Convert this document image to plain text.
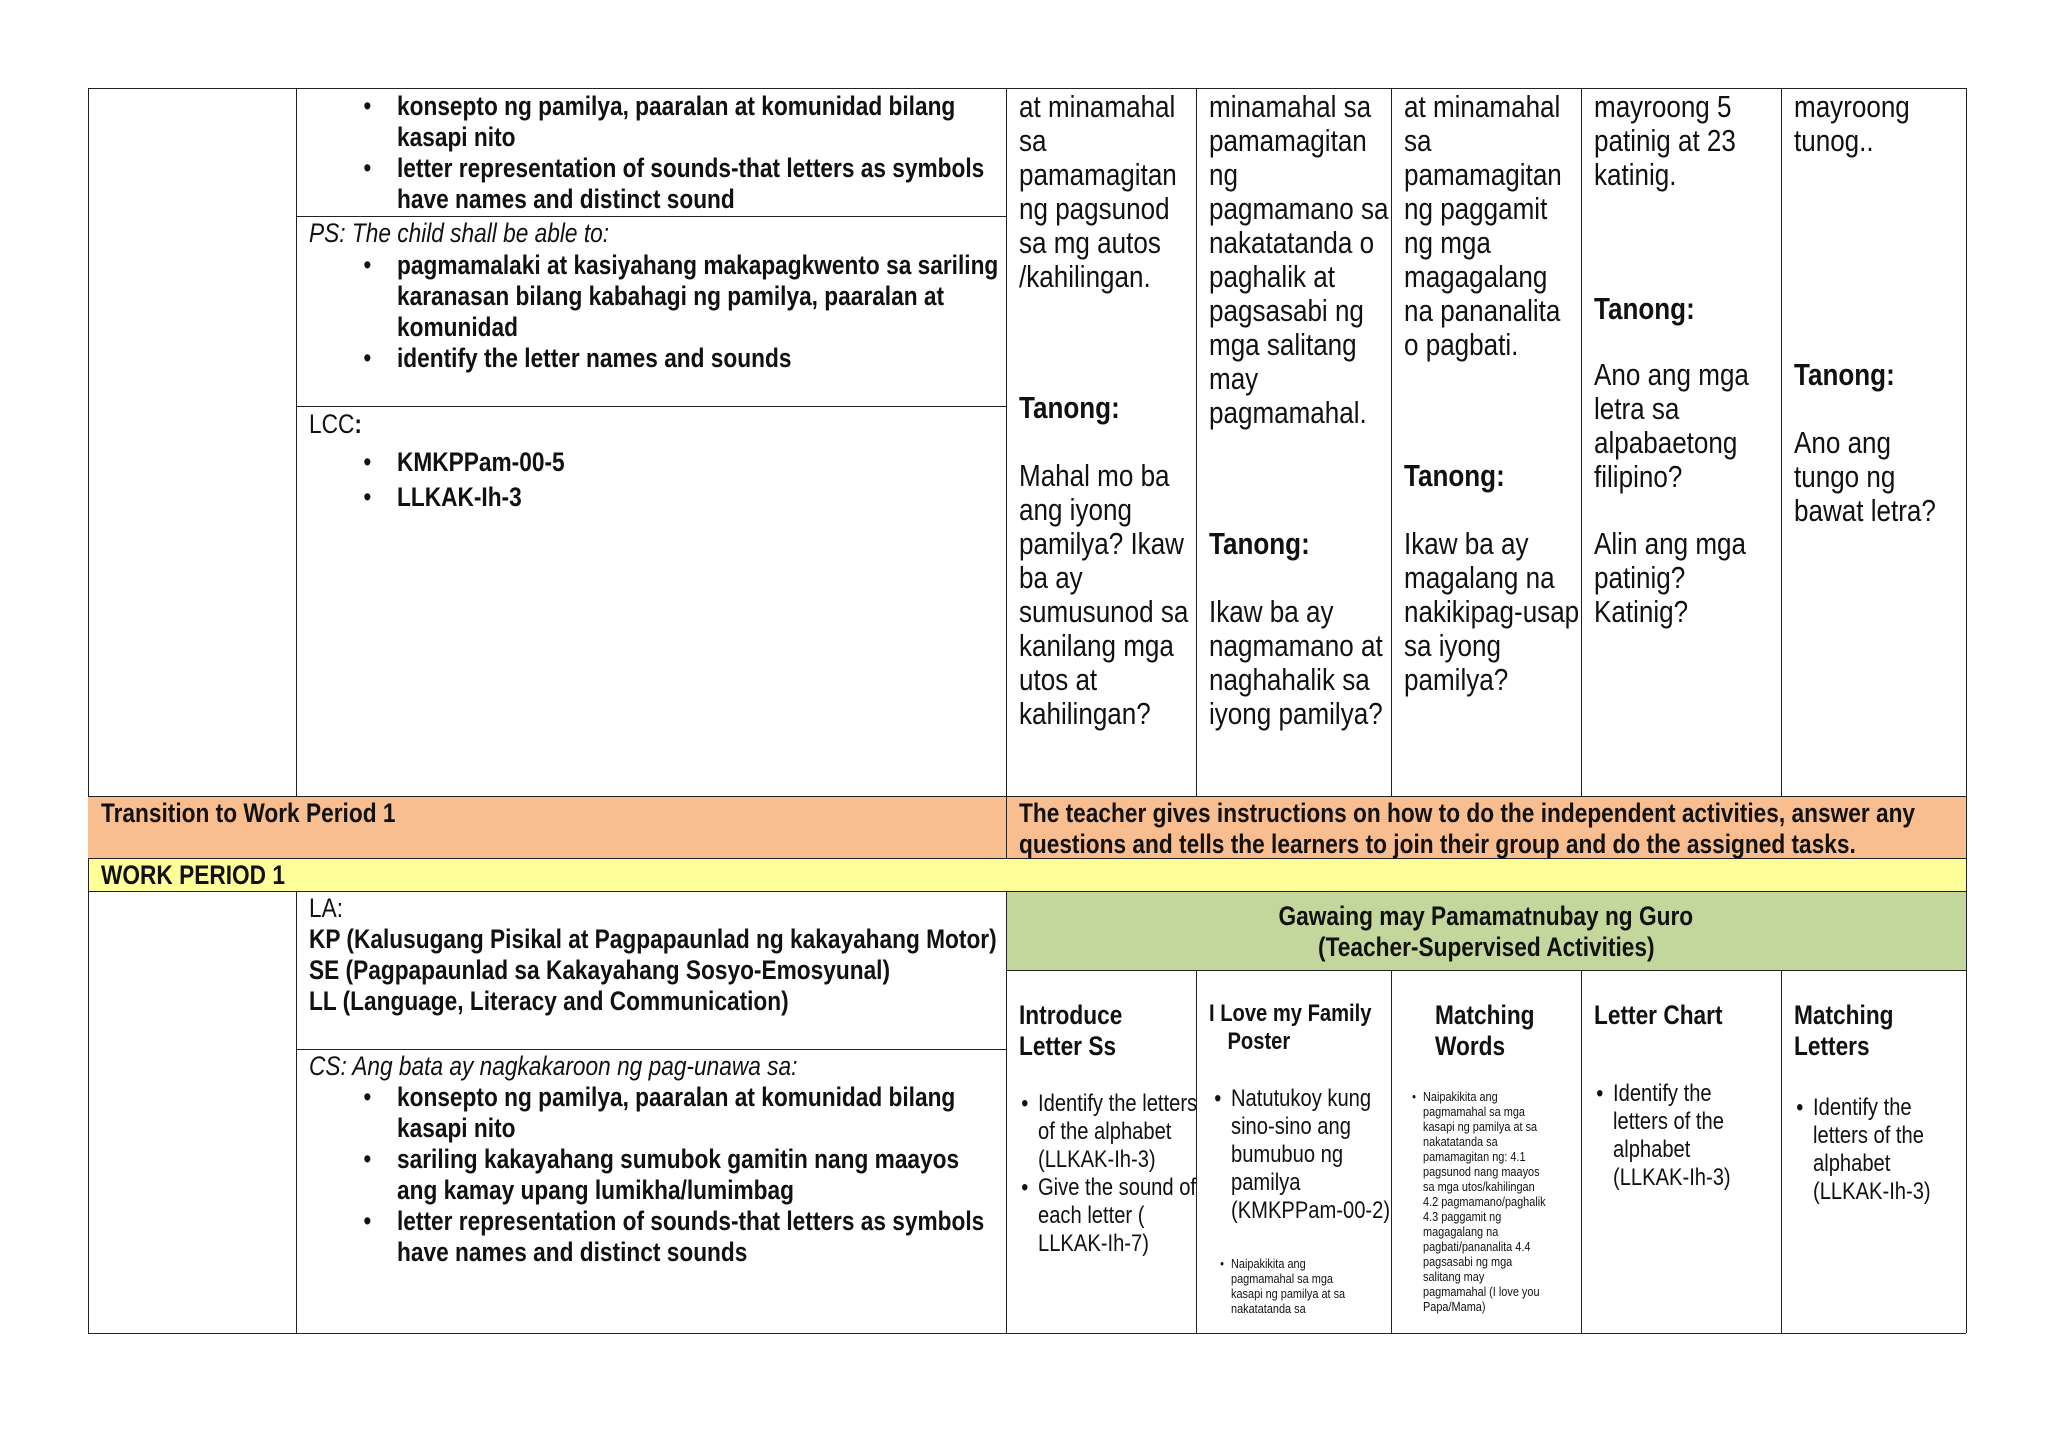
• konsepto ng pamilya, paaralan at komunidad bilang kasapi nito
• letter representation of sounds-that letters as symbols have names and distinct sound
PS: The child shall be able to:
• pagmamalaki at kasiyahang makapagkwento sa sariling karanasan bilang kabahagi ng pamilya, paaralan at komunidad
• identify the letter names and sounds
LCC:
• KMKPPam-00-5
• LLKAK-Ih-3
at minamahal sa pamamagitan ng pagsunod sa mg autos /kahilingan.
Tanong:
Mahal mo ba ang iyong pamilya? Ikaw ba ay sumusunod sa kanilang mga utos at kahilingan?
minamahal sa pamamagitan ng pagmamano sa nakatatanda o paghalik at pagsasabi ng mga salitang may pagmamahal.
Tanong:
Ikaw ba ay nagmamano at naghahalik sa iyong pamilya?
at minamahal sa pamamagitan ng paggamit ng mga magagalang na pananalita o pagbati.
Tanong:
Ikaw ba ay magalang na nakikipag-usap sa iyong pamilya?
mayroong 5 patinig at 23 katinig.
Tanong:
Ano ang mga letra sa alpabaetong filipino?
Alin ang mga patinig? Katinig?
mayroong tunog..
Tanong:
Ano ang tungo ng bawat letra?
Transition to Work Period 1	The teacher gives instructions on how to do the independent activities, answer any questions and tells the learners to join their group and do the assigned tasks.
WORK PERIOD 1
LA:
KP (Kalusugang Pisikal at Pagpapaunlad ng kakayahang Motor)
SE (Pagpapaunlad sa Kakayahang Sosyo-Emosyunal)
LL (Language, Literacy and Communication)
CS: Ang bata ay nagkakaroon ng pag-unawa sa:
• konsepto ng pamilya, paaralan at komunidad bilang kasapi nito
• sariling kakayahang sumubok gamitin nang maayos ang kamay upang lumikha/lumimbag
• letter representation of sounds-that letters as symbols have names and distinct sounds
Gawaing may Pamamatnubay ng Guro
(Teacher-Supervised Activities)
Introduce Letter Ss
• Identify the letters of the alphabet (LLKAK-Ih-3)
• Give the sound of each letter ( LLKAK-Ih-7)
I Love my Family
Poster
• Natutukoy kung sino-sino ang bumubuo ng pamilya (KMKPPam-00-2)
• Naipakikita ang pagmamahal sa mga kasapi ng pamilya at sa nakatatanda sa
Matching Words
• Naipakikita ang pagmamahal sa mga kasapi ng pamilya at sa nakatatanda sa pamamagitan ng: 4.1 pagsunod nang maayos sa mga utos/kahilingan 4.2 pagmamano/paghalik 4.3 paggamit ng magagalang na pagbati/pananalita 4.4 pagsasabi ng mga salitang may pagmamahal (I love you Papa/Mama)
Letter Chart
• Identify the letters of the alphabet (LLKAK-Ih-3)
Matching Letters
• Identify the letters of the alphabet (LLKAK-Ih-3)
